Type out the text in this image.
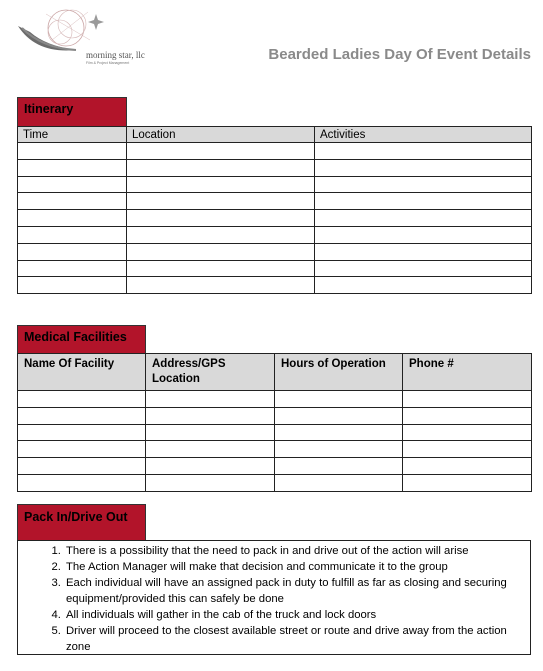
morning star, llc
Film & Project Management	Bearded Ladies Day Of Event Details
Itinerary
Time	Location	Activities

Medical Facilities
Name Of Facility	Address/GPS Location	Hours of Operation	Phone #

Pack In/Drive Out
1. There is a possibility that the need to pack in and drive out of the action will arise
2. The Action Manager will make that decision and communicate it to the group
3. Each individual will have an assigned pack in duty to fulfill as far as closing and securing equipment/provided this can safely be done
4. All individuals will gather in the cab of the truck and lock doors
5. Driver will proceed to the closest available street or route and drive away from the action zone
